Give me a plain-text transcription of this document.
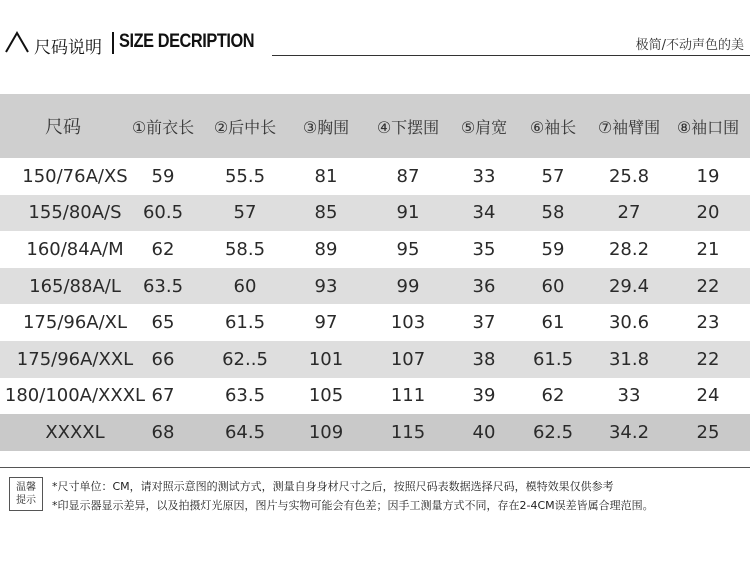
尺码说明 SIZE DECRIPTION	极简/不动声色的美
尺码	①前衣长	②后中长	③胸围	④下摆围	⑤肩宽	⑥袖长	⑦袖臂围	⑧袖口围
150/76A/XS	59	55.5	81	87	33	57	25.8	19
155/80A/S	60.5	57	85	91	34	58	27	20
160/84A/M	62	58.5	89	95	35	59	28.2	21
165/88A/L	63.5	60	93	99	36	60	29.4	22
175/96A/XL	65	61.5	97	103	37	61	30.6	23
175/96A/XXL	66	62..5	101	107	38	61.5	31.8	22
180/100A/XXXL 67	63.5	105	111	39	62	33	24
XXXXL	68	64.5	109	115	40	62.5	34.2	25
温馨
提示
*尺寸单位：CM，请对照示意图的测试方式，测量自身身材尺寸之后，按照尺码表数据选择尺码，模特效果仅供参考
*印显示器显示差异，以及拍摄灯光原因，图片与实物可能会有色差；因手工测量方式不同，存在2-4CM误差皆属合理范围。
